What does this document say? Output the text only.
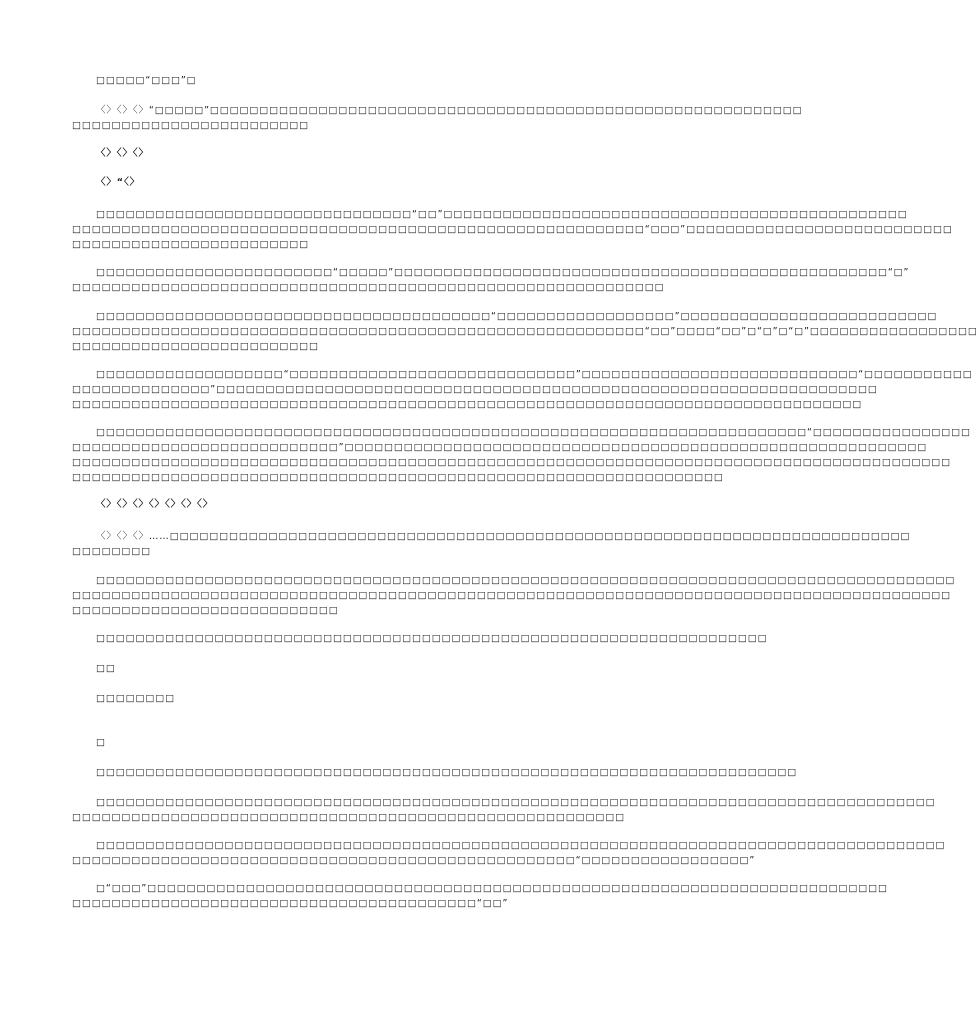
□□□□□“□□□”□

〈〉〈〉〈〉“□□□□□”□□□□□□□□□□□□□□□□□□□□□□□□□□□□□□□□□□□□□□□□□□□□□□□□□□□□□□□□□□□□
□□□□□□□□□□□□□□□□□□□□□□□□

〈〉〈〉〈〉

〈〉“〈〉

□□□□□□□□□□□□□□□□□□□□□□□□□□□□□□□□“□□”□□□□□□□□□□□□□□□□□□□□□□□□□□□□□□□□□□□□□□□□□□□□□□□
□□□□□□□□□□□□□□□□□□□□□□□□□□□□□□□□□□□□□□□□□□□□□□□□□□□□□□□□□□“□□□”□□□□□□□□□□□□□□□□□□□□□□□□□□□
□□□□□□□□□□□□□□□□□□□□□□□□

□□□□□□□□□□□□□□□□□□□□□□□□“□□□□□”□□□□□□□□□□□□□□□□□□□□□□□□□□□□□□□□□□□□□□□□□□□□□□□□□□“□”
□□□□□□□□□□□□□□□□□□□□□□□□□□□□□□□□□□□□□□□□□□□□□□□□□□□□□□□□□□□□

□□□□□□□□□□□□□□□□□□□□□□□□□□□□□□□□□□□□□□□□“□□□□□□□□□□□□□□□□□□”□□□□□□□□□□□□□□□□□□□□□□□□□□
□□□□□□□□□□□□□□□□□□□□□□□□□□□□□□□□□□□□□□□□□□□□□□□□□□□□□□□□□□“□□”□□□□“□□”□“□”□“□”□□□□□□□□□□□□□□□□□
□□□□□□□□□□□□□□□□□□□□□□□□□

□□□□□□□□□□□□□□□□□□□“□□□□□□□□□□□□□□□□□□□□□□□□□□□□□”□□□□□□□□□□□□□□□□□□□□□□□□□□□□“□□□□□□□□□□□
□□□□□□□□□□□□□□”□□□□□□□□□□□□□□□□□□□□□□□□□□□□□□□□□□□□□□□□□□□□□□□□□□□□□□□□□□□□□□□□□□□
□□□□□□□□□□□□□□□□□□□□□□□□□□□□□□□□□□□□□□□□□□□□□□□□□□□□□□□□□□□□□□□□□□□□□□□□□□□□□□□□

□□□□□□□□□□□□□□□□□□□□□□□□□□□□□□□□□□□□□□□□□□□□□□□□□□□□□□□□□□□□□□□□□□□□□□□□“□□□□□□□□□□□□□□□□
□□□□□□□□□□□□□□□□□□□□□□□□□□□”□□□□□□□□□□□□□□□□□□□□□□□□□□□□□□□□□□□□□□□□□□□□□□□□□□□□□□□□□□□
□□□□□□□□□□□□□□□□□□□□□□□□□□□□□□□□□□□□□□□□□□□□□□□□□□□□□□□□□□□□□□□□□□□□□□□□□□□□□□□□□□□□□□□□□
□□□□□□□□□□□□□□□□□□□□□□□□□□□□□□□□□□□□□□□□□□□□□□□□□□□□□□□□□□□□□□□□□□

〈〉〈〉〈〉〈〉〈〉〈〉〈〉

〈〉〈〉〈〉……□□□□□□□□□□□□□□□□□□□□□□□□□□□□□□□□□□□□□□□□□□□□□□□□□□□□□□□□□□□□□□□□□□□□□□□□□□□
□□□□□□□□

□□□□□□□□□□□□□□□□□□□□□□□□□□□□□□□□□□□□□□□□□□□□□□□□□□□□□□□□□□□□□□□□□□□□□□□□□□□□□□□□□□□□□□□
□□□□□□□□□□□□□□□□□□□□□□□□□□□□□□□□□□□□□□□□□□□□□□□□□□□□□□□□□□□□□□□□□□□□□□□□□□□□□□□□□□□□□□□□□
□□□□□□□□□□□□□□□□□□□□□□□□□□□

□□□□□□□□□□□□□□□□□□□□□□□□□□□□□□□□□□□□□□□□□□□□□□□□□□□□□□□□□□□□□□□□□□□□

□□

□□□□□□□□

□

□□□□□□□□□□□□□□□□□□□□□□□□□□□□□□□□□□□□□□□□□□□□□□□□□□□□□□□□□□□□□□□□□□□□□□□

□□□□□□□□□□□□□□□□□□□□□□□□□□□□□□□□□□□□□□□□□□□□□□□□□□□□□□□□□□□□□□□□□□□□□□□□□□□□□□□□□□□□□
□□□□□□□□□□□□□□□□□□□□□□□□□□□□□□□□□□□□□□□□□□□□□□□□□□□□□□□□

□□□□□□□□□□□□□□□□□□□□□□□□□□□□□□□□□□□□□□□□□□□□□□□□□□□□□□□□□□□□□□□□□□□□□□□□□□□□□□□□□□□□□□
□□□□□□□□□□□□□□□□□□□□□□□□□□□□□□□□□□□□□□□□□□□□□□□□□□□“□□□□□□□□□□□□□□□□□”

□“□□□”□□□□□□□□□□□□□□□□□□□□□□□□□□□□□□□□□□□□□□□□□□□□□□□□□□□□□□□□□□□□□□□□□□□□□□□□□□□
□□□□□□□□□□□□□□□□□□□□□□□□□□□□□□□□□□□□□□□□□“□□”
